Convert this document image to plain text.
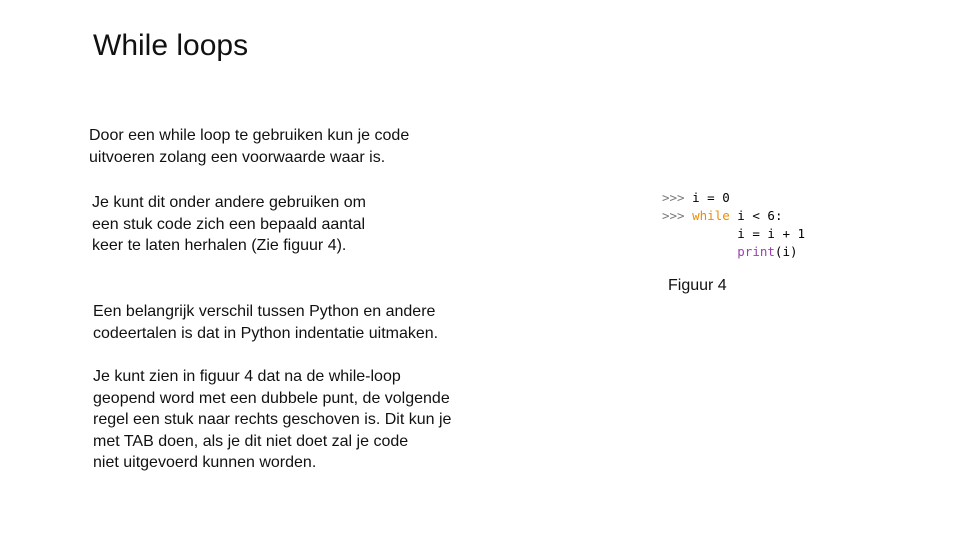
While loops
Door een while loop te gebruiken kun je code
uitvoeren zolang een voorwaarde waar is.
Je kunt dit onder andere gebruiken om
een stuk code zich een bepaald aantal
keer te laten herhalen (Zie figuur 4).
Een belangrijk verschil tussen Python en andere
codeertalen is dat in Python indentatie uitmaken.
Je kunt zien in figuur 4 dat na de while-loop
geopend word met een dubbele punt, de volgende
regel een stuk naar rechts geschoven is. Dit kun je
met TAB doen, als je dit niet doet zal je code
niet uitgevoerd kunnen worden.
>>> i = 0
>>> while i < 6:
i = i + 1
print(i)
Figuur 4
